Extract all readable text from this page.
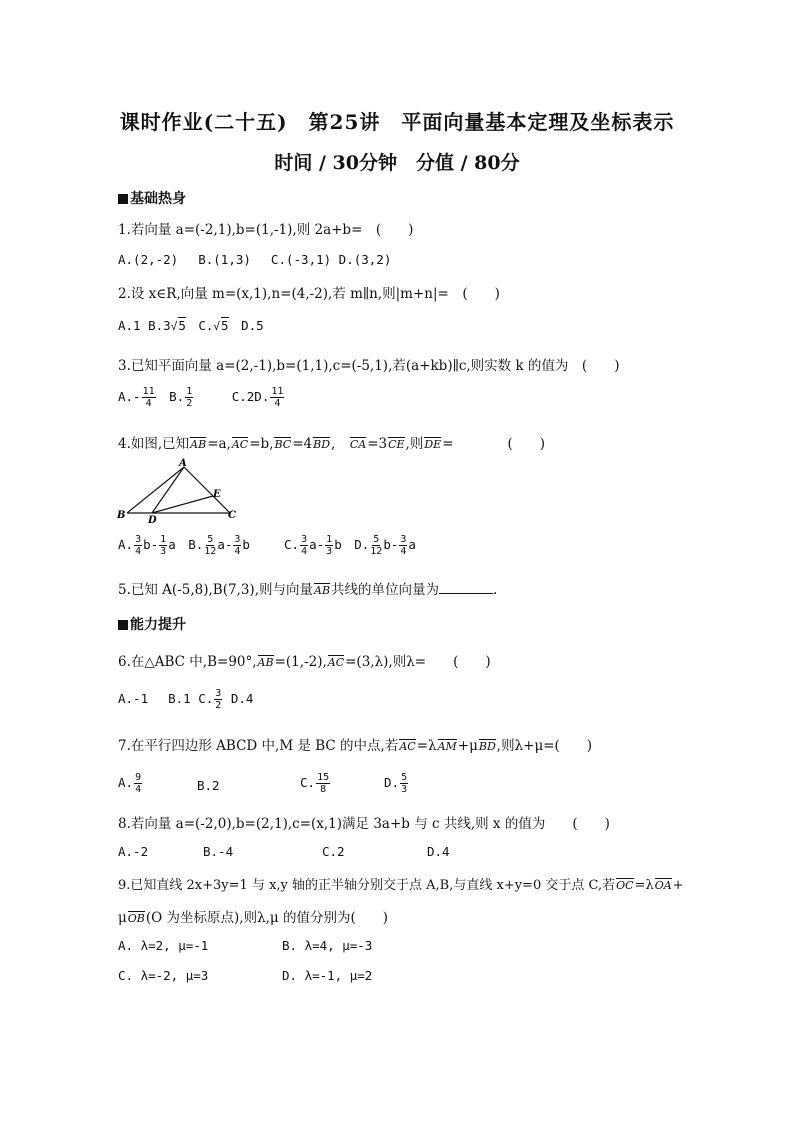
课时作业(二十五)　第25讲　平面向量基本定理及坐标表示
时间 / 30分钟　分值 / 80分
基础热身
1.若向量 a=(-2,1),b=(1,-1),则 2a+b=　(　　)
A.(2,-2)　 B.(1,3)　 C.(-3,1) D.(3,2)
2.设 x∈R,向量 m=(x,1),n=(4,-2),若 m∥n,则|m+n|=　(　　)
A.1 B.3√5　C.√5　D.5
3.已知平面向量 a=(2,-1),b=(1,1),c=(-5,1),若(a+kb)∥c,则实数 k 的值为　(　　)
$A.- \frac{11}{4}$ 　B. $\frac{1}{2}$ 　　　C.2D. $\frac{11}{4}$
4.如图,已知AB=a,AC=b,BC=4BD,　CA=3CE,则DE=　　　　(　　)
A
B	C
D
E
A. $\frac{3}{4} b- \frac{1}{3}$ a　B. $\frac{5}{12} a- \frac{3}{4}$ b	C. $\frac{3}{4} a- \frac{1}{3}$ b　D. $\frac{5}{12} b- \frac{3}{4}$ a
5.已知 A(-5,8),B(7,3),则与向量AB共线的单位向量为	.
能力提升
6.在△ABC 中,B=90°,AB=(1,-2),AC=(3,λ),则λ=　　(　　)
A.-1　 B.1 C. $\frac{3}{2} D.4$
7.在平行四边形 ABCD 中,M 是 BC 的中点,若AC=λAM+μBD,则λ+μ=(　　)
A. $\frac{9}{4}$	B.2	C. $\frac{15}{8}$	D. $\frac{5}{3}$
8.若向量 a=(-2,0),b=(2,1),c=(x,1)满足 3a+b 与 c 共线,则 x 的值为　　(　　)
A.-2	B.-4	C.2	D.4
9.已知直线 2x+3y=1 与 x,y 轴的正半轴分别交于点 A,B,与直线 x+y=0 交于点 C,若OC=λOA+
μOB(O 为坐标原点),则λ,μ 的值分别为(　　)
A. λ=2, μ=-1	B. λ=4, μ=-3
C. λ=-2, μ=3	D. λ=-1, μ=2
